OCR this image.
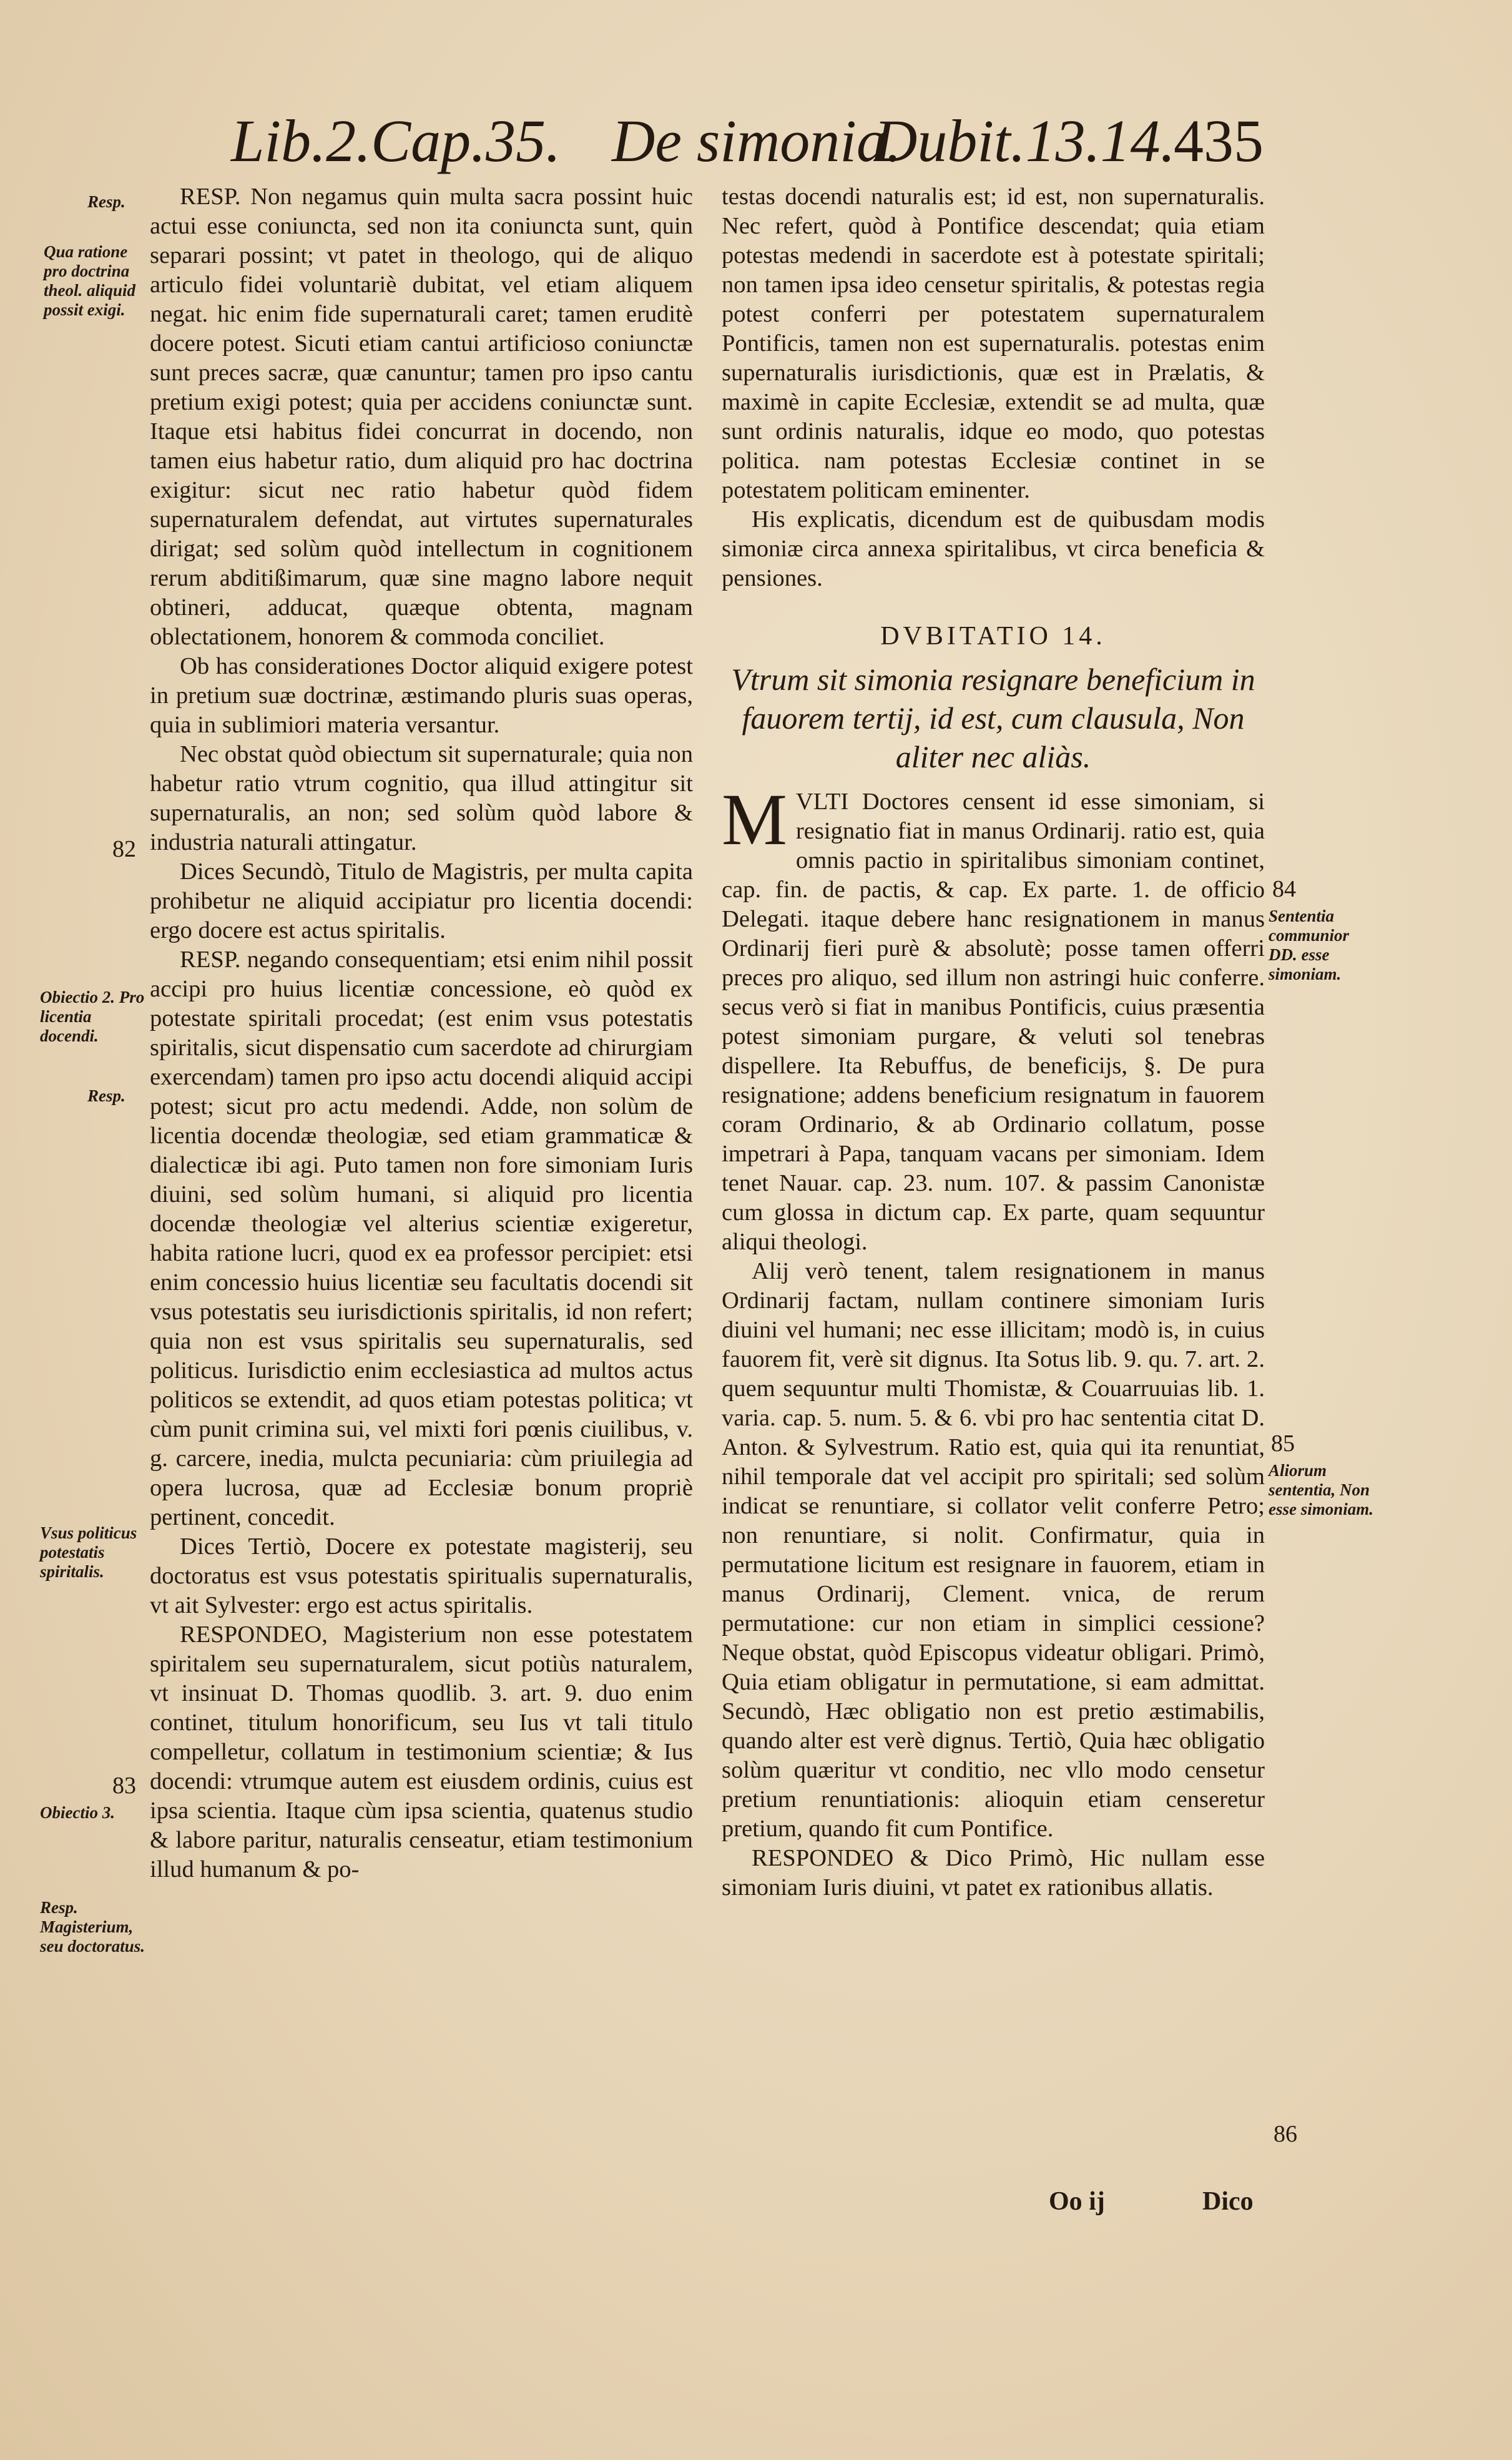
Lib.2.Cap.35. De simonia.
Dubit.13.14.
435
Resp.
Qua ratione pro doctrina theol. aliquid possit exigi.
82
Obiectio 2. Pro licentia docendi.
Resp.
Vsus politicus potestatis spiritalis.
83
Obiectio 3.
Resp. Magisterium, seu doctoratus.

RESP. Non negamus quin multa sacra possint huic actui esse coniuncta, sed non ita coniuncta sunt, quin separari possint; vt patet in theologo, qui de aliquo articulo fidei voluntariè dubitat, vel etiam aliquem negat. hic enim fide supernaturali caret; tamen eruditè docere potest. Sicuti etiam cantui artificioso coniunctæ sunt preces sacræ, quæ canuntur; tamen pro ipso cantu pretium exigi potest; quia per accidens coniunctæ sunt. Itaque etsi habitus fidei concurrat in docendo, non tamen eius habetur ratio, dum aliquid pro hac doctrina exigitur: sicut nec ratio habetur quòd fidem supernaturalem defendat, aut virtutes supernaturales dirigat; sed solùm quòd intellectum in cognitionem rerum abditißimarum, quæ sine magno labore nequit obtineri, adducat, quæque obtenta, magnam oblectationem, honorem & commoda conciliet.

Ob has considerationes Doctor aliquid exigere potest in pretium suæ doctrinæ, æstimando pluris suas operas, quia in sublimiori materia versantur.

Nec obstat quòd obiectum sit supernaturale; quia non habetur ratio vtrum cognitio, qua illud attingitur sit supernaturalis, an non; sed solùm quòd labore & industria naturali attingatur.

Dices Secundò, Titulo de Magistris, per multa capita prohibetur ne aliquid accipiatur pro licentia docendi: ergo docere est actus spiritalis.

RESP. negando consequentiam; etsi enim nihil possit accipi pro huius licentiæ concessione, eò quòd ex potestate spiritali procedat; (est enim vsus potestatis spiritalis, sicut dispensatio cum sacerdote ad chirurgiam exercendam) tamen pro ipso actu docendi aliquid accipi potest; sicut pro actu medendi. Adde, non solùm de licentia docendæ theologiæ, sed etiam grammaticæ & dialecticæ ibi agi. Puto tamen non fore simoniam Iuris diuini, sed solùm humani, si aliquid pro licentia docendæ theologiæ vel alterius scientiæ exigeretur, habita ratione lucri, quod ex ea professor percipiet: etsi enim concessio huius licentiæ seu facultatis docendi sit vsus potestatis seu iurisdictionis spiritalis, id non refert; quia non est vsus spiritalis seu supernaturalis, sed politicus. Iurisdictio enim ecclesiastica ad multos actus politicos se extendit, ad quos etiam potestas politica; vt cùm punit crimina sui, vel mixti fori pœnis ciuilibus, v. g. carcere, inedia, mulcta pecuniaria: cùm priuilegia ad opera lucrosa, quæ ad Ecclesiæ bonum propriè pertinent, concedit.

Dices Tertiò, Docere ex potestate magisterij, seu doctoratus est vsus potestatis spiritualis supernaturalis, vt ait Sylvester: ergo est actus spiritalis.

RESPONDEO, Magisterium non esse potestatem spiritalem seu supernaturalem, sicut potiùs naturalem, vt insinuat D. Thomas quodlib. 3. art. 9. duo enim continet, titulum honorificum, seu Ius vt tali titulo compelletur, collatum in testimonium scientiæ; & Ius docendi: vtrumque autem est eiusdem ordinis, cuius est ipsa scientia. Itaque cùm ipsa scientia, quatenus studio & labore paritur, naturalis censeatur, etiam testimonium illud humanum & po-

testas docendi naturalis est; id est, non supernaturalis. Nec refert, quòd à Pontifice descendat; quia etiam potestas medendi in sacerdote est à potestate spiritali; non tamen ipsa ideo censetur spiritalis, & potestas regia potest conferri per potestatem supernaturalem Pontificis, tamen non est supernaturalis. potestas enim supernaturalis iurisdictionis, quæ est in Prælatis, & maximè in capite Ecclesiæ, extendit se ad multa, quæ sunt ordinis naturalis, idque eo modo, quo potestas politica. nam potestas Ecclesiæ continet in se potestatem politicam eminenter.

His explicatis, dicendum est de quibusdam modis simoniæ circa annexa spiritalibus, vt circa beneficia & pensiones.

DVBITATIO 14.
Vtrum sit simonia resignare beneficium in fauorem tertij, id est, cum clausula, Non aliter nec aliàs.

MVLTI Doctores censent id esse simoniam, si resignatio fiat in manus Ordinarij. ratio est, quia omnis pactio in spiritalibus simoniam continet, cap. fin. de pactis, & cap. Ex parte. 1. de officio Delegati. itaque debere hanc resignationem in manus Ordinarij fieri purè & absolutè; posse tamen offerri preces pro aliquo, sed illum non astringi huic conferre. secus verò si fiat in manibus Pontificis, cuius præsentia potest simoniam purgare, & veluti sol tenebras dispellere. Ita Rebuffus, de beneficijs, §. De pura resignatione; addens beneficium resignatum in fauorem coram Ordinario, & ab Ordinario collatum, posse impetrari à Papa, tanquam vacans per simoniam. Idem tenet Nauar. cap. 23. num. 107. & passim Canonistæ cum glossa in dictum cap. Ex parte, quam sequuntur aliqui theologi.

Alij verò tenent, talem resignationem in manus Ordinarij factam, nullam continere simoniam Iuris diuini vel humani; nec esse illicitam; modò is, in cuius fauorem fit, verè sit dignus. Ita Sotus lib. 9. qu. 7. art. 2. quem sequuntur multi Thomistæ, & Couarruuias lib. 1. varia. cap. 5. num. 5. & 6. vbi pro hac sententia citat D. Anton. & Sylvestrum. Ratio est, quia qui ita renuntiat, nihil temporale dat vel accipit pro spiritali; sed solùm indicat se renuntiare, si collator velit conferre Petro; non renuntiare, si nolit. Confirmatur, quia in permutatione licitum est resignare in fauorem, etiam in manus Ordinarij, Clement. vnica, de rerum permutatione: cur non etiam in simplici cessione? Neque obstat, quòd Episcopus videatur obligari. Primò, Quia etiam obligatur in permutatione, si eam admittat. Secundò, Hæc obligatio non est pretio æstimabilis, quando alter est verè dignus. Tertiò, Quia hæc obligatio solùm quæritur vt conditio, nec vllo modo censetur pretium renuntiationis: alioquin etiam censeretur pretium, quando fit cum Pontifice.

RESPONDEO & Dico Primò, Hic nullam esse simoniam Iuris diuini, vt patet ex rationibus allatis.

84
Sententia communior DD. esse simoniam.
85
Aliorum sententia, Non esse simoniam.
86
Oo ij	Dico
